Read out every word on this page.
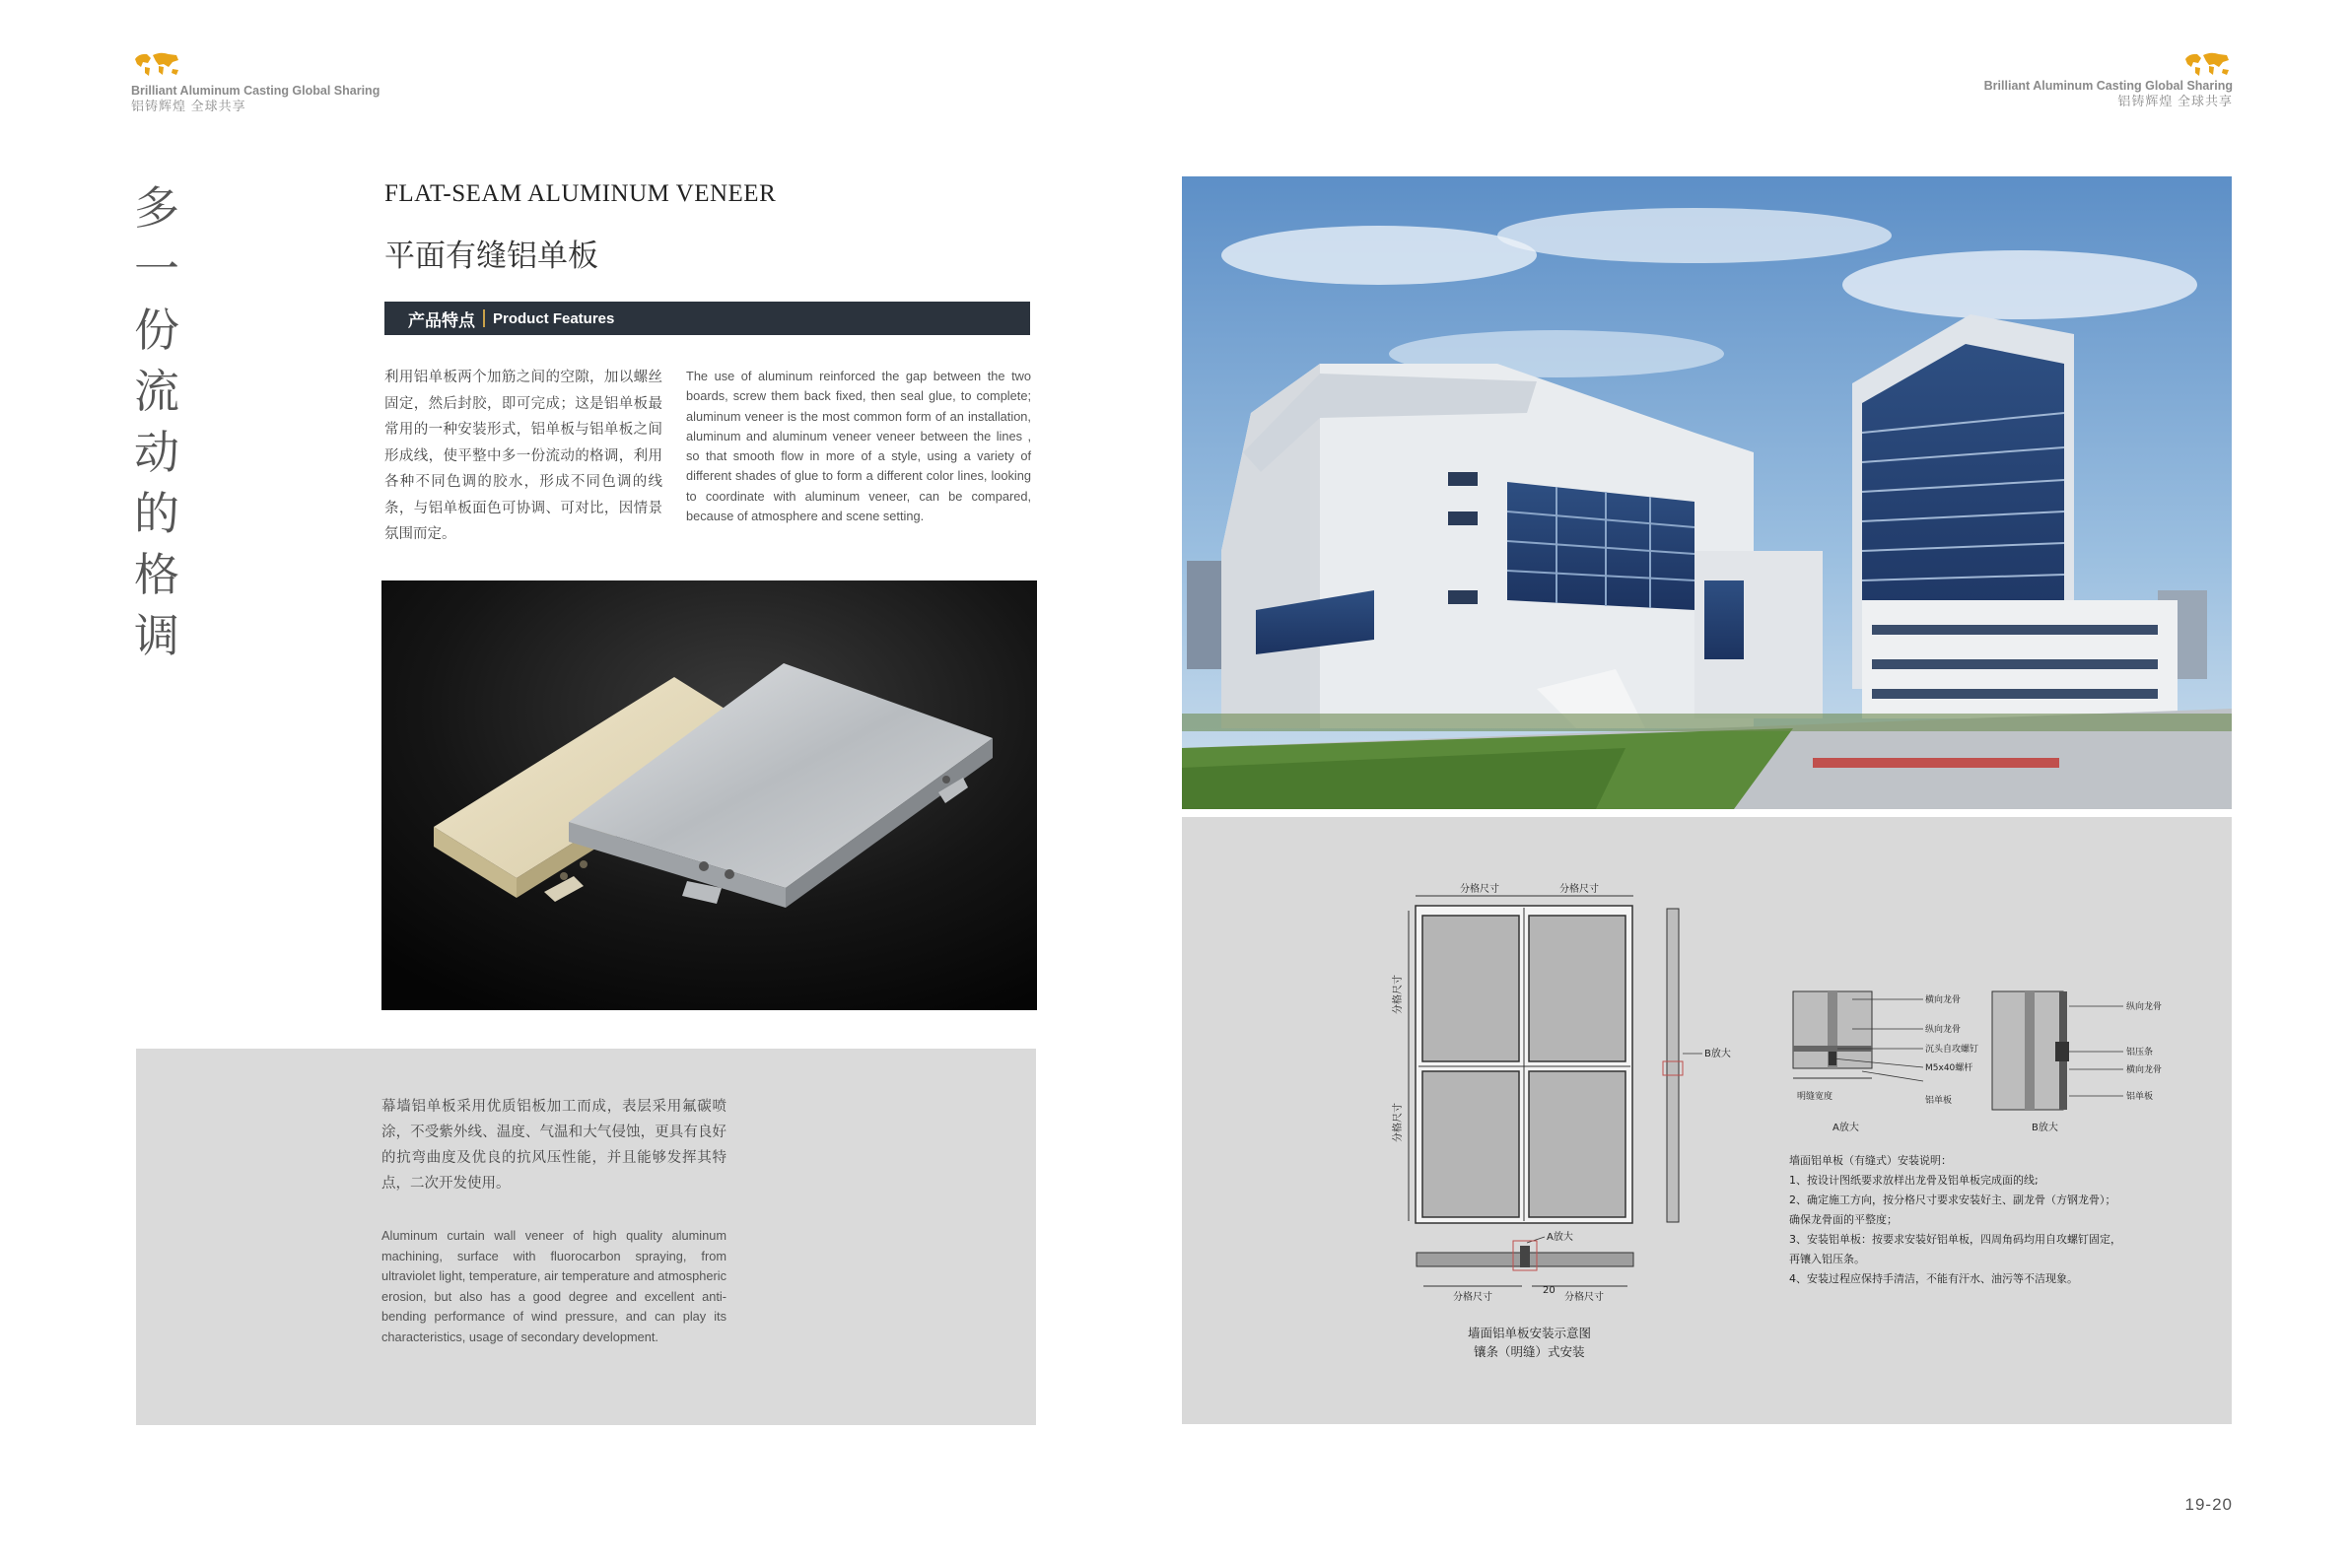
Brilliant Aluminum Casting Global Sharing
铝铸辉煌 全球共享
Brilliant Aluminum Casting Global Sharing
铝铸辉煌 全球共享
多
一
份
流
动
的
格
调
FLAT-SEAM ALUMINUM VENEER
平面有缝铝单板
产品特点 Product Features
利用铝单板两个加筋之间的空隙，加以螺丝固定，然后封胶，即可完成；这是铝单板最常用的一种安装形式，铝单板与铝单板之间形成线，使平整中多一份流动的格调，利用各种不同色调的胶水，形成不同色调的线条，与铝单板面色可协调、可对比，因情景氛围而定。
The use of aluminum reinforced the gap between the two boards, screw them back fixed, then seal glue, to complete; aluminum veneer is the most common form of an installation, aluminum and aluminum veneer veneer between the lines , so that smooth flow in more of a style, using a variety of different shades of glue to form a different color lines, looking to coordinate with aluminum veneer, can be compared, because of atmosphere and scene setting.
幕墙铝单板采用优质铝板加工而成，表层采用氟碳喷涂，不受紫外线、温度、气温和大气侵蚀，更具有良好的抗弯曲度及优良的抗风压性能，并且能够发挥其特点，二次开发使用。
Aluminum curtain wall veneer of high quality aluminum machining, surface with fluorocarbon spraying, from ultraviolet light, temperature, air temperature and atmospheric erosion, but also has a good degree and excellent anti-bending performance of wind pressure, and can play its characteristics, usage of secondary development.
分格尺寸	分格尺寸
分格尺寸
分格尺寸
B放大
A放大
分格尺寸	分格尺寸
20
墙面铝单板安装示意图
镶条（明缝）式安装
横向龙骨
纵向龙骨
沉头自攻螺钉
M5x40螺杆
铝单板
明缝宽度
A放大
纵向龙骨
铝压条
横向龙骨
铝单板
B放大
墙面铝单板（有缝式）安装说明：
1、按设计图纸要求放样出龙骨及铝单板完成面的线;
2、确定施工方向，按分格尺寸要求安装好主、副龙骨（方钢龙骨）；
确保龙骨面的平整度；
3、安装铝单板：按要求安装好铝单板，四周角码均用自攻螺钉固定，
再镶入铝压条。
4、安装过程应保持手清洁，不能有汗水、油污等不洁现象。
19-20
